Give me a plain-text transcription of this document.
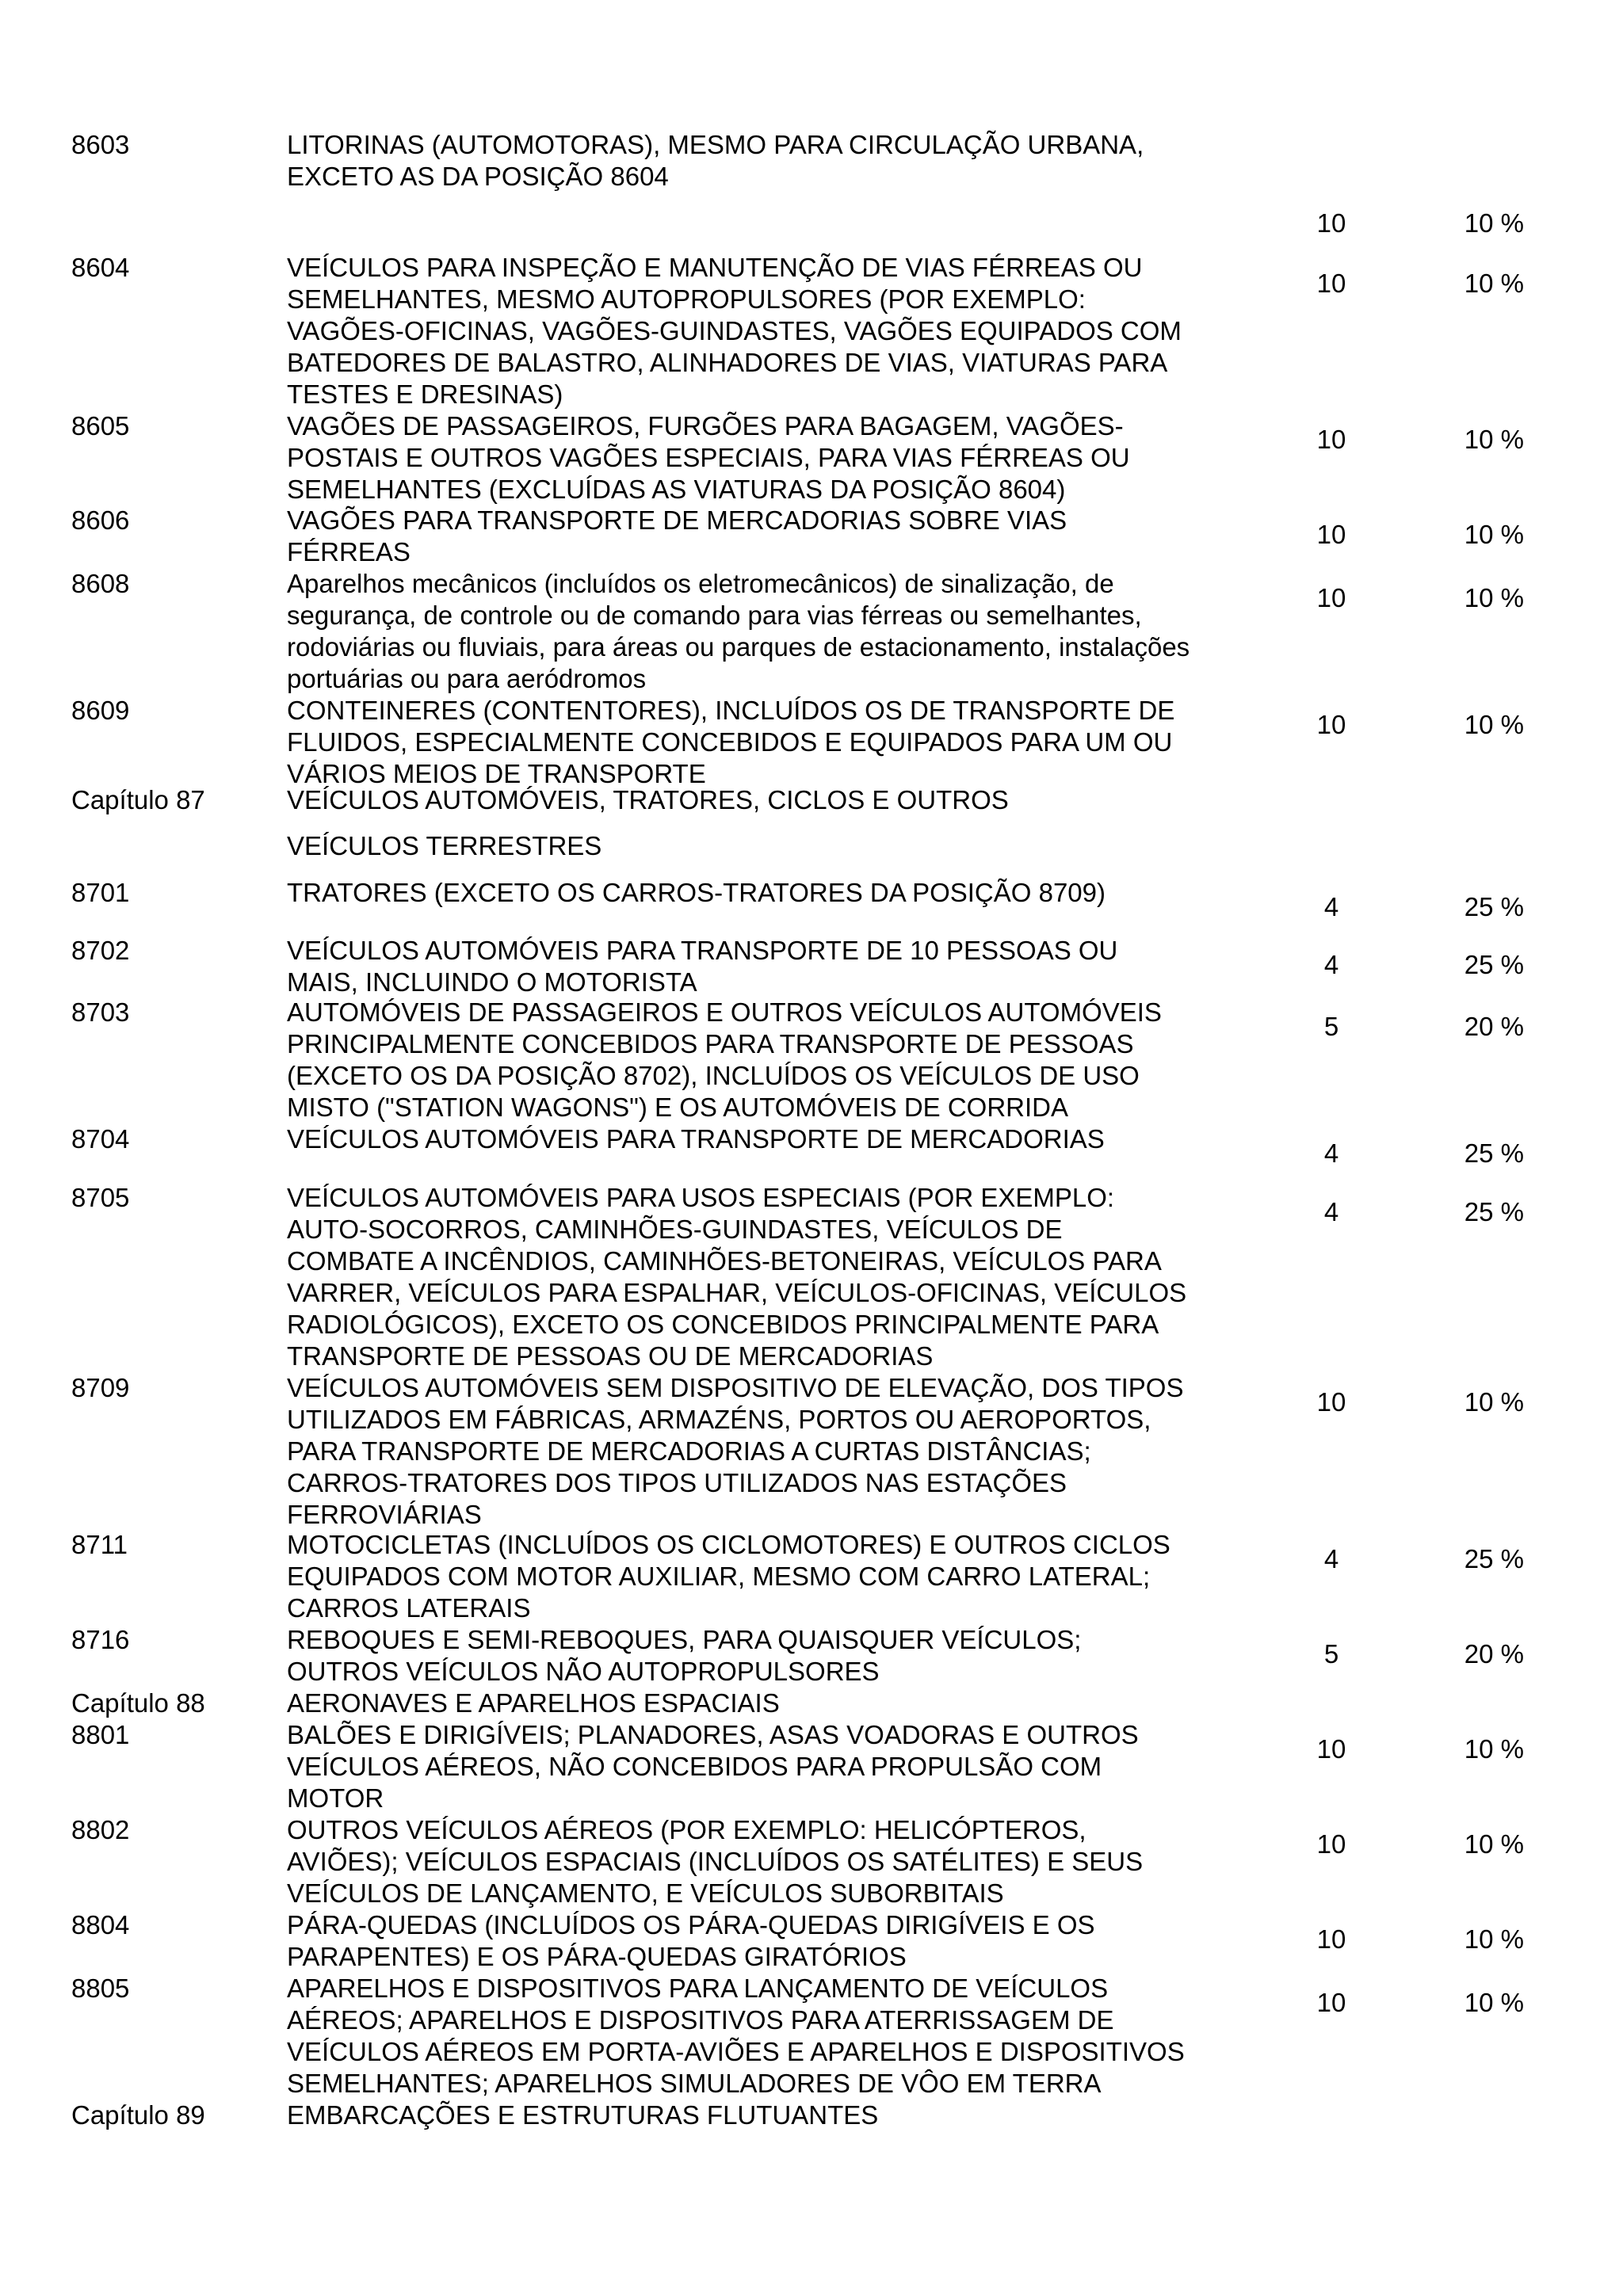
8603	LITORINAS (AUTOMOTORAS), MESMO PARA CIRCULAÇÃO URBANA,
EXCETO AS DA POSIÇÃO 8604
10	10 %
8604	VEÍCULOS PARA INSPEÇÃO E MANUTENÇÃO DE VIAS FÉRREAS OU
SEMELHANTES, MESMO AUTOPROPULSORES (POR EXEMPLO:
VAGÕES-OFICINAS, VAGÕES-GUINDASTES, VAGÕES EQUIPADOS COM
BATEDORES DE BALASTRO, ALINHADORES DE VIAS, VIATURAS PARA
TESTES E DRESINAS)
10	10 %
8605	VAGÕES DE PASSAGEIROS, FURGÕES PARA BAGAGEM, VAGÕES-
POSTAIS E OUTROS VAGÕES ESPECIAIS, PARA VIAS FÉRREAS OU
SEMELHANTES (EXCLUÍDAS AS VIATURAS DA POSIÇÃO 8604)
10	10 %
8606	VAGÕES PARA TRANSPORTE DE MERCADORIAS SOBRE VIAS
FÉRREAS
10	10 %
8608	Aparelhos mecânicos (incluídos os eletromecânicos) de sinalização, de
segurança, de controle ou de comando para vias férreas ou semelhantes,
rodoviárias ou fluviais, para áreas ou parques de estacionamento, instalações
portuárias ou para aeródromos
10	10 %
8609	CONTEINERES (CONTENTORES), INCLUÍDOS OS DE TRANSPORTE DE
FLUIDOS, ESPECIALMENTE CONCEBIDOS E EQUIPADOS PARA UM OU
VÁRIOS MEIOS DE TRANSPORTE
10	10 %
Capítulo 87	VEÍCULOS AUTOMÓVEIS, TRATORES, CICLOS E OUTROS
VEÍCULOS TERRESTRES
8701	TRATORES (EXCETO OS CARROS-TRATORES DA POSIÇÃO 8709)	4	25 %
8702	VEÍCULOS AUTOMÓVEIS PARA TRANSPORTE DE 10 PESSOAS OU
MAIS, INCLUINDO O MOTORISTA
4	25 %
8703	AUTOMÓVEIS DE PASSAGEIROS E OUTROS VEÍCULOS AUTOMÓVEIS
PRINCIPALMENTE CONCEBIDOS PARA TRANSPORTE DE PESSOAS
(EXCETO OS DA POSIÇÃO 8702), INCLUÍDOS OS VEÍCULOS DE USO
MISTO ("STATION WAGONS") E OS AUTOMÓVEIS DE CORRIDA
5	20 %
8704	VEÍCULOS AUTOMÓVEIS PARA TRANSPORTE DE MERCADORIAS	4	25 %
8705	VEÍCULOS AUTOMÓVEIS PARA USOS ESPECIAIS (POR EXEMPLO:
AUTO-SOCORROS, CAMINHÕES-GUINDASTES, VEÍCULOS DE
COMBATE A INCÊNDIOS, CAMINHÕES-BETONEIRAS, VEÍCULOS PARA
VARRER, VEÍCULOS PARA ESPALHAR, VEÍCULOS-OFICINAS, VEÍCULOS
RADIOLÓGICOS), EXCETO OS CONCEBIDOS PRINCIPALMENTE PARA
TRANSPORTE DE PESSOAS OU DE MERCADORIAS
4	25 %
8709	VEÍCULOS AUTOMÓVEIS SEM DISPOSITIVO DE ELEVAÇÃO, DOS TIPOS
UTILIZADOS EM FÁBRICAS, ARMAZÉNS, PORTOS OU AEROPORTOS,
PARA TRANSPORTE DE MERCADORIAS A CURTAS DISTÂNCIAS;
CARROS-TRATORES DOS TIPOS UTILIZADOS NAS ESTAÇÕES
FERROVIÁRIAS
10	10 %
8711	MOTOCICLETAS (INCLUÍDOS OS CICLOMOTORES) E OUTROS CICLOS
EQUIPADOS COM MOTOR AUXILIAR, MESMO COM CARRO LATERAL;
CARROS LATERAIS
4	25 %
8716	REBOQUES E SEMI-REBOQUES, PARA QUAISQUER VEÍCULOS;
OUTROS VEÍCULOS NÃO AUTOPROPULSORES
5	20 %
Capítulo 88	AERONAVES E APARELHOS ESPACIAIS
8801	BALÕES E DIRIGÍVEIS; PLANADORES, ASAS VOADORAS E OUTROS
VEÍCULOS AÉREOS, NÃO CONCEBIDOS PARA PROPULSÃO COM
MOTOR
10	10 %
8802	OUTROS VEÍCULOS AÉREOS (POR EXEMPLO: HELICÓPTEROS,
AVIÕES); VEÍCULOS ESPACIAIS (INCLUÍDOS OS SATÉLITES) E SEUS
VEÍCULOS DE LANÇAMENTO, E VEÍCULOS SUBORBITAIS
10	10 %
8804	PÁRA-QUEDAS (INCLUÍDOS OS PÁRA-QUEDAS DIRIGÍVEIS E OS
PARAPENTES) E OS PÁRA-QUEDAS GIRATÓRIOS
10	10 %
8805	APARELHOS E DISPOSITIVOS PARA LANÇAMENTO DE VEÍCULOS
AÉREOS; APARELHOS E DISPOSITIVOS PARA ATERRISSAGEM DE
VEÍCULOS AÉREOS EM PORTA-AVIÕES E APARELHOS E DISPOSITIVOS
SEMELHANTES; APARELHOS SIMULADORES DE VÔO EM TERRA
10	10 %
Capítulo 89	EMBARCAÇÕES E ESTRUTURAS FLUTUANTES
